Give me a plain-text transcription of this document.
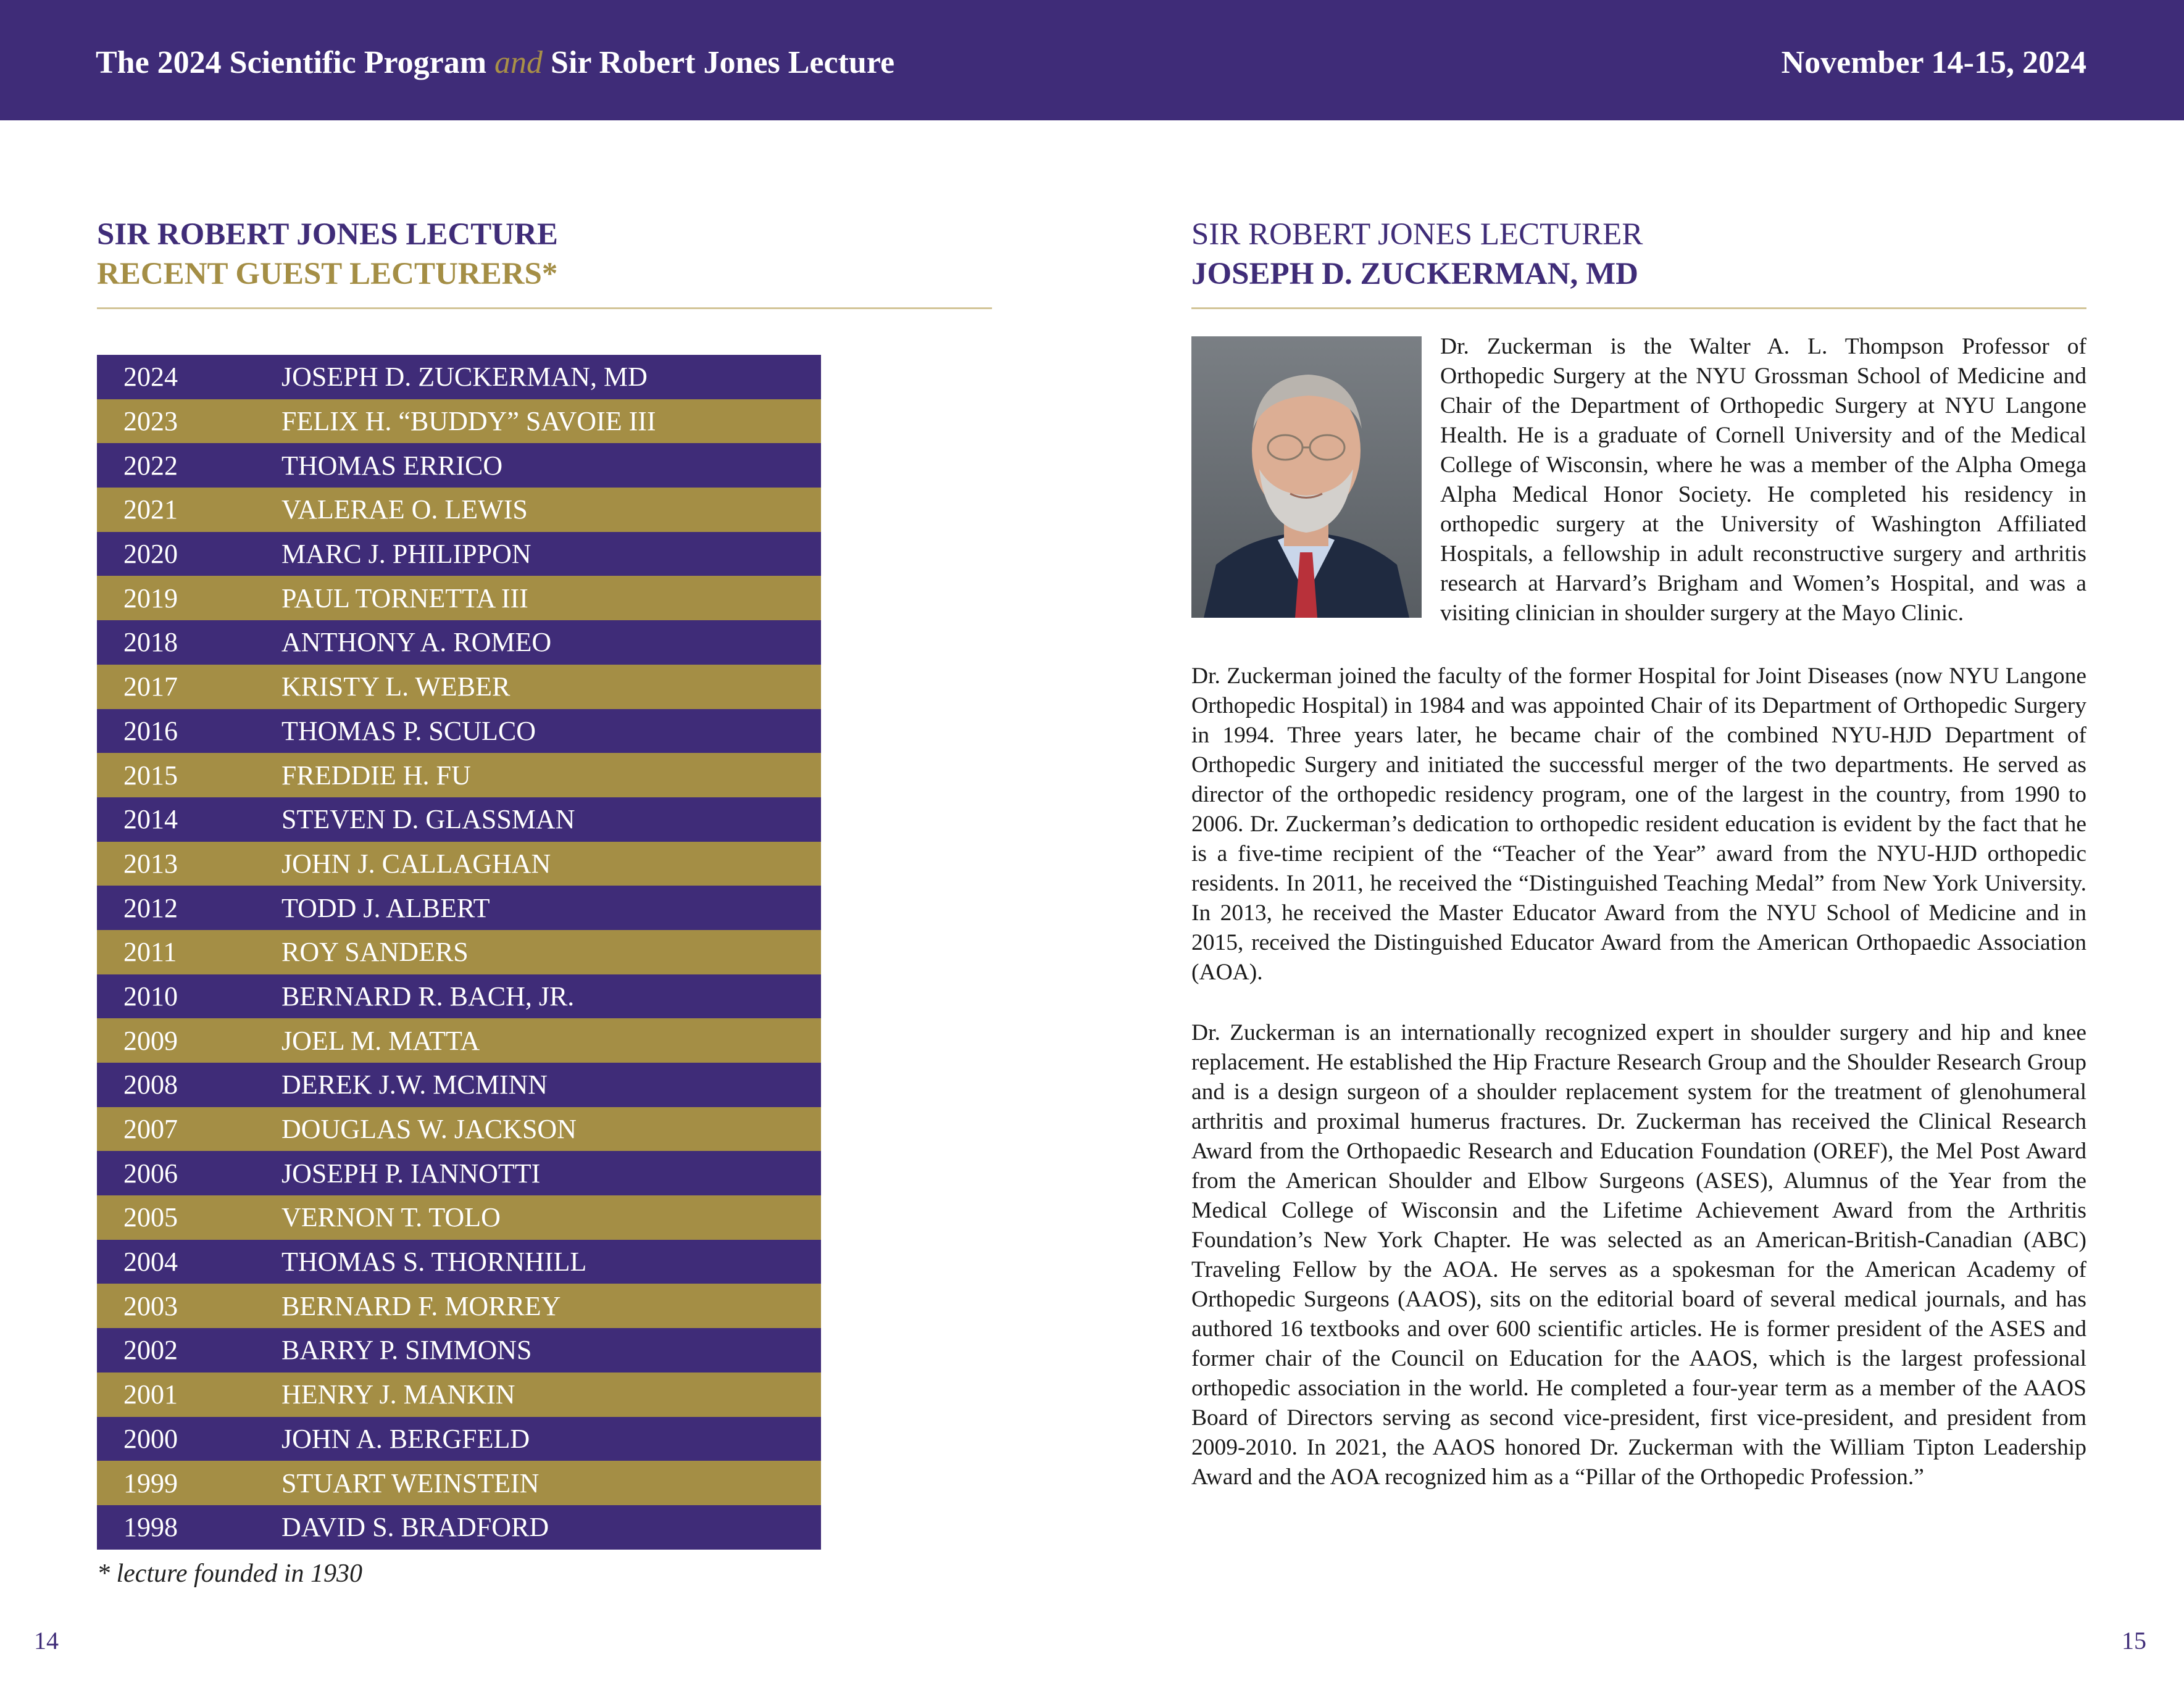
The 2024 Scientific Program and Sir Robert Jones Lecture	November 14-15, 2024
SIR ROBERT JONES LECTURE
RECENT GUEST LECTURERS*
2024	JOSEPH D. ZUCKERMAN, MD
2023	FELIX H. “BUDDY” SAVOIE III
2022	THOMAS ERRICO
2021	VALERAE O. LEWIS
2020	MARC J. PHILIPPON
2019	PAUL TORNETTA III
2018	ANTHONY A. ROMEO
2017	KRISTY L. WEBER
2016	THOMAS P. SCULCO
2015	FREDDIE H. FU
2014	STEVEN D. GLASSMAN
2013	JOHN J. CALLAGHAN
2012	TODD J. ALBERT
2011	ROY SANDERS
2010	BERNARD R. BACH, JR.
2009	JOEL M. MATTA
2008	DEREK J.W. MCMINN
2007	DOUGLAS W. JACKSON
2006	JOSEPH P. IANNOTTI
2005	VERNON T. TOLO
2004	THOMAS S. THORNHILL
2003	BERNARD F. MORREY
2002	BARRY P. SIMMONS
2001	HENRY J. MANKIN
2000	JOHN A. BERGFELD
1999	STUART WEINSTEIN
1998	DAVID S. BRADFORD
* lecture founded in 1930
14
SIR ROBERT JONES LECTURER
JOSEPH D. ZUCKERMAN, MD

Dr. Zuckerman is the Walter A. L. Thompson Professor of Orthopedic Surgery at the NYU Grossman School of Medicine and Chair of the Department of Orthopedic Surgery at NYU Langone Health. He is a graduate of Cornell University and of the Medical College of Wisconsin, where he was a member of the Alpha Omega Alpha Medical Honor Society. He completed his residency in orthopedic surgery at the University of Washington Affiliated Hospitals, a fellowship in adult reconstructive surgery and arthritis research at Harvard’s Brigham and Women’s Hospital, and was a visiting clinician in shoulder surgery at the Mayo Clinic.

Dr. Zuckerman joined the faculty of the former Hospital for Joint Diseases (now NYU Langone Orthopedic Hospital) in 1984 and was appointed Chair of its Department of Orthopedic Surgery in 1994. Three years later, he became chair of the combined NYU-HJD Department of Orthopedic Surgery and initiated the successful merger of the two departments. He served as director of the orthopedic residency program, one of the largest in the country, from 1990 to 2006. Dr. Zuckerman’s dedication to orthopedic resident education is evident by the fact that he is a five-time recipient of the “Teacher of the Year” award from the NYU-HJD orthopedic residents. In 2011, he received the “Distinguished Teaching Medal” from New York University. In 2013, he received the Master Educator Award from the NYU School of Medicine and in 2015, received the Distinguished Educator Award from the American Orthopaedic Association (AOA).

Dr. Zuckerman is an internationally recognized expert in shoulder surgery and hip and knee replacement. He established the Hip Fracture Research Group and the Shoulder Research Group and is a design surgeon of a shoulder replacement system for the treatment of glenohumeral arthritis and proximal humerus fractures. Dr. Zuckerman has received the Clinical Research Award from the Orthopaedic Research and Education Foundation (OREF), the Mel Post Award from the American Shoulder and Elbow Surgeons (ASES), Alumnus of the Year from the Medical College of Wisconsin and the Lifetime Achievement Award from the Arthritis Foundation’s New York Chapter. He was selected as an American-British-Canadian (ABC) Traveling Fellow by the AOA. He serves as a spokesman for the American Academy of Orthopedic Surgeons (AAOS), sits on the editorial board of several medical journals, and has authored 16 textbooks and over 600 scientific articles. He is former president of the ASES and former chair of the Council on Education for the AAOS, which is the largest professional orthopedic association in the world. He completed a four-year term as a member of the AAOS Board of Directors serving as second vice-president, first vice-president, and president from 2009-2010. In 2021, the AAOS honored Dr. Zuckerman with the William Tipton Leadership Award and the AOA recognized him as a “Pillar of the Orthopedic Profession.”

15
